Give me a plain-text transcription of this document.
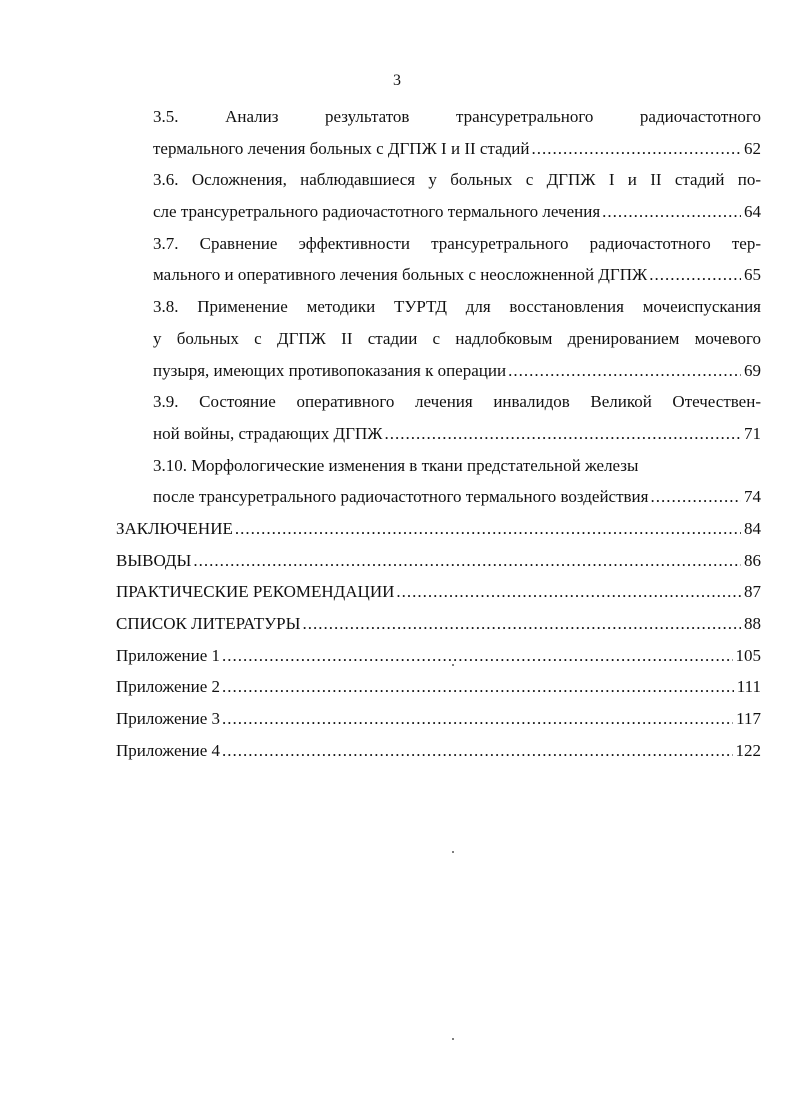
3
3.5. Анализ результатов трансуретрального радиочастотного
термального лечения больных с ДГПЖ I и II стадий .....	62
3.6. Осложнения, наблюдавшиеся у больных с ДГПЖ I и II стадий по-
сле трансуретрального радиочастотного термального лечения .....	64
3.7. Сравнение эффективности трансуретрального радиочастотного тер-
мального и оперативного лечения больных с неосложненной ДГПЖ .....	65
3.8. Применение методики ТУРТД для восстановления мочеиспускания
у больных с ДГПЖ II стадии с надлобковым дренированием мочевого
пузыря, имеющих противопоказания к операции .....	69
3.9. Состояние оперативного лечения инвалидов Великой Отечествен-
ной войны, страдающих ДГПЖ .....	71
3.10. Морфологические изменения в ткани предстательной железы
после трансуретрального радиочастотного термального воздействия .....	74
ЗАКЛЮЧЕНИЕ .....	84
ВЫВОДЫ .....	86
ПРАКТИЧЕСКИЕ РЕКОМЕНДАЦИИ .....	87
СПИСОК ЛИТЕРАТУРЫ .....	88
Приложение 1 .....	105
Приложение 2 .....	111
Приложение 3 .....	117
Приложение 4 .....	122
